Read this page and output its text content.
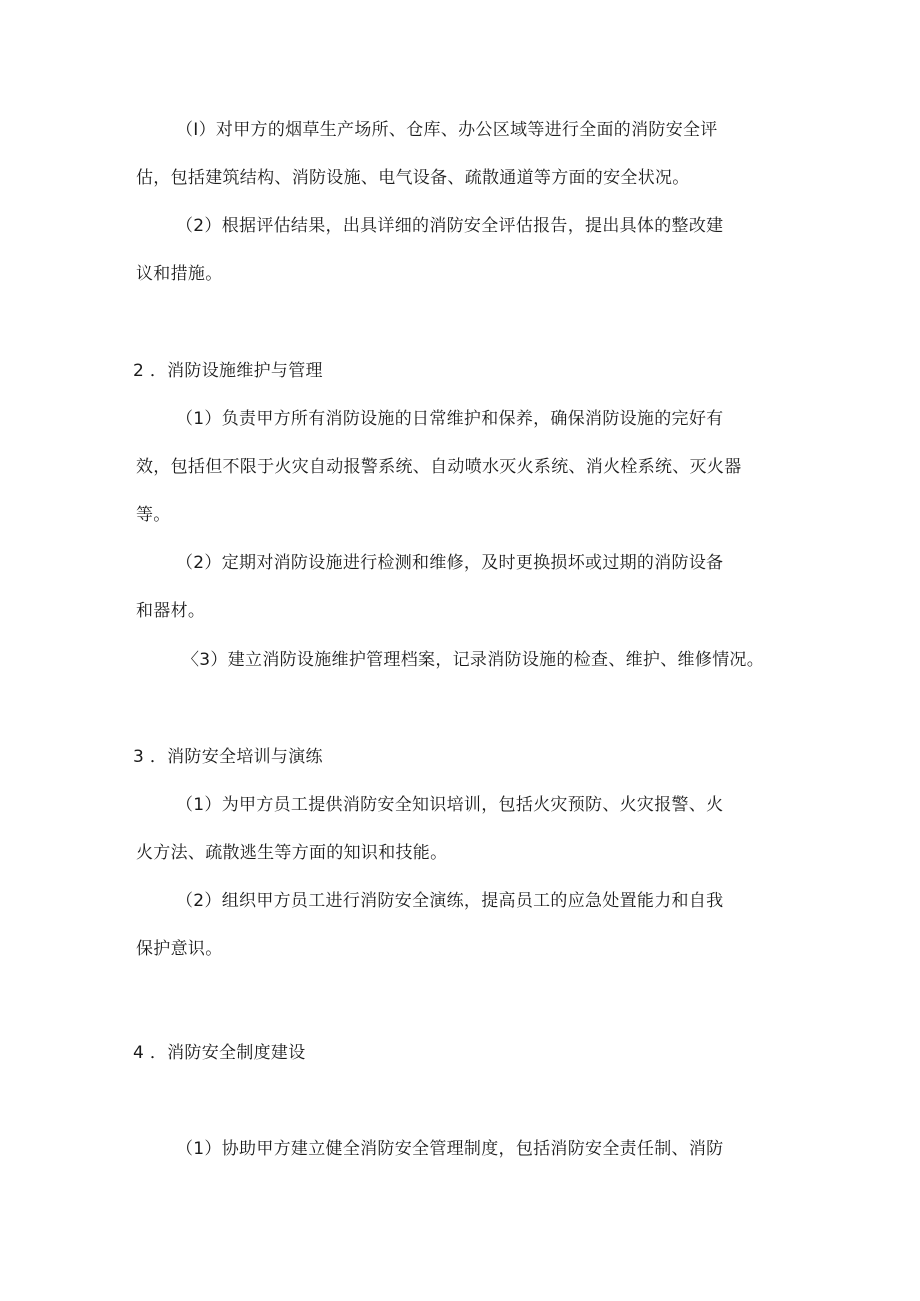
（I）对甲方的烟草生产场所、仓库、办公区域等进行全面的消防安全评
估，包括建筑结构、消防设施、电气设备、疏散通道等方面的安全状况。
（2）根据评估结果，出具详细的消防安全评估报告，提出具体的整改建
议和措施。
2 ．消防设施维护与管理
（1）负责甲方所有消防设施的日常维护和保养，确保消防设施的完好有
效，包括但不限于火灾自动报警系统、自动喷水灭火系统、消火栓系统、灭火器
等。
（2）定期对消防设施进行检测和维修，及时更换损坏或过期的消防设备
和器材。
〈3）建立消防设施维护管理档案，记录消防设施的检查、维护、维修情况。
3 ．消防安全培训与演练
（1）为甲方员工提供消防安全知识培训，包括火灾预防、火灾报警、火
火方法、疏散逃生等方面的知识和技能。
（2）组织甲方员工进行消防安全演练，提高员工的应急处置能力和自我
保护意识。
4 ．消防安全制度建设
（1）协助甲方建立健全消防安全管理制度，包括消防安全责任制、消防
